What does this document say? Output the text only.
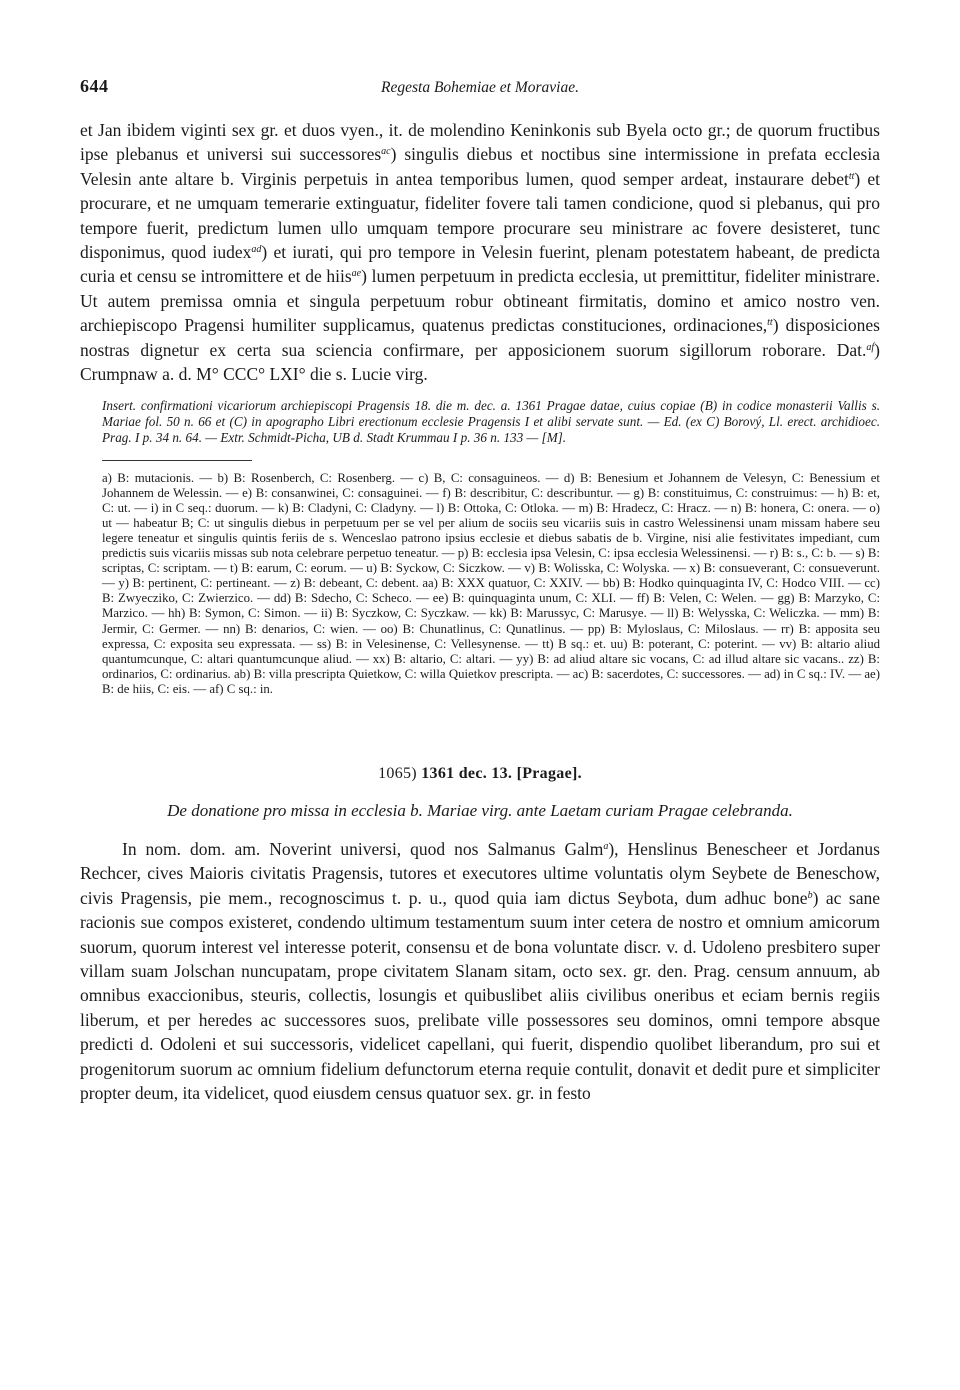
644	Regesta Bohemiae et Moraviae.

et Jan ibidem viginti sex gr. et duos vyen., it. de molendino Keninkonis sub Byela octo gr.; de quorum fructibus ipse plebanus et universi sui successores$^{ac}$) singulis diebus et noctibus sine intermissione in prefata ecclesia Velesin ante altare b. Virginis perpetuis in antea temporibus lumen, quod semper ardeat, instaurare debet$^{tt}$) et procurare, et ne umquam temerarie extinguatur, fideliter fovere tali tamen condicione, quod si plebanus, qui pro tempore fuerit, predictum lumen ullo umquam tempore procurare seu ministrare ac fovere desisteret, tunc disponimus, quod iudex$^{ad}$) et iurati, qui pro tempore in Velesin fuerint, plenam potestatem habeant, de predicta curia et censu se intromittere et de hiis$^{ae}$) lumen perpetuum in predicta ecclesia, ut premittitur, fideliter ministrare. Ut autem premissa omnia et singula perpetuum robur obtineant firmitatis, domino et amico nostro ven. archiepiscopo Pragensi humiliter supplicamus, quatenus predictas constituciones, ordinaciones,$^{tt}$) disposiciones nostras dignetur ex certa sua sciencia confirmare, per apposicionem suorum sigillorum roborare. Dat.$^{af}$) Crumpnaw a. d. M° CCC° LXI° die s. Lucie virg.

Insert. confirmationi vicariorum archiepiscopi Pragensis 18. die m. dec. a. 1361 Pragae datae, cuius copiae (B) in codice monasterii Vallis s. Mariae fol. 50 n. 66 et (C) in apographo Libri erectionum ecclesie Pragensis I et alibi servate sunt. — Ed. (ex C) Borový, Ll. erect. archidioec. Prag. I p. 34 n. 64. — Extr. Schmidt-Picha, UB d. Stadt Krummau I p. 36 n. 133 — [M].

a) B: mutacionis. — b) B: Rosenberch, C: Rosenberg. — c) B, C: consaguineos. — d) B: Benesium et Johannem de Velesyn, C: Benessium et Johannem de Welessin. — e) B: consanwinei, C: consaguinei. — f) B: describitur, C: describuntur. — g) B: constituimus, C: construimus: — h) B: et, C: ut. — i) in C seq.: duorum. — k) B: Cladyni, C: Cladyny. — l) B: Ottoka, C: Otloka. — m) B: Hradecz, C: Hracz. — n) B: honera, C: onera. — o) ut — habeatur B; C: ut singulis diebus in perpetuum per se vel per alium de sociis seu vicariis suis in castro Welessinensi unam missam habere seu legere teneatur et singulis quintis feriis de s. Wenceslao patrono ipsius ecclesie et diebus sabatis de b. Virgine, nisi alie festivitates impediant, cum predictis suis vicariis missas sub nota celebrare perpetuo teneatur. — p) B: ecclesia ipsa Velesin, C: ipsa ecclesia Welessinensi. — r) B: s., C: b. — s) B: scriptas, C: scriptam. — t) B: earum, C: eorum. — u) B: Syckow, C: Siczkow. — v) B: Wolisska, C: Wolyska. — x) B: consueverant, C: consueverunt. — y) B: pertinent, C: pertineant. — z) B: debeant, C: debent. aa) B: XXX quatuor, C: XXIV. — bb) B: Hodko quinquaginta IV, C: Hodco VIII. — cc) B: Zwyecziko, C: Zwierzico. — dd) B: Sdecho, C: Scheco. — ee) B: quinquaginta unum, C: XLI. — ff) B: Velen, C: Welen. — gg) B: Marzyko, C: Marzico. — hh) B: Symon, C: Simon. — ii) B: Syczkow, C: Syczkaw. — kk) B: Marussyc, C: Marusye. — ll) B: Welysska, C: Weliczka. — mm) B: Jermir, C: Germer. — nn) B: denarios, C: wien. — oo) B: Chunatlinus, C: Qunatlinus. — pp) B: Myloslaus, C: Miloslaus. — rr) B: apposita seu expressa, C: exposita seu expressata. — ss) B: in Velesinense, C: Vellesynense. — tt) B sq.: et. uu) B: poterant, C: poterint. — vv) B: altario aliud quantumcunque, C: altari quantumcunque aliud. — xx) B: altario, C: altari. — yy) B: ad aliud altare sic vocans, C: ad illud altare sic vacans.. zz) B: ordinarios, C: ordinarius. ab) B: villa prescripta Quietkow, C: willa Quietkov prescripta. — ac) B: sacerdotes, C: successores. — ad) in C sq.: IV. — ae) B: de hiis, C: eis. — af) C sq.: in.

1065) 1361 dec. 13. [Pragae].

De donatione pro missa in ecclesia b. Mariae virg. ante Laetam curiam Pragae celebranda.

In nom. dom. am. Noverint universi, quod nos Salmanus Galm$^a$), Henslinus Benescheer et Jordanus Rechcer, cives Maioris civitatis Pragensis, tutores et executores ultime voluntatis olym Seybete de Beneschow, civis Pragensis, pie mem., recognoscimus t. p. u., quod quia iam dictus Seybota, dum adhuc bone$^b$) ac sane racionis sue compos existeret, condendo ultimum testamentum suum inter cetera de nostro et omnium amicorum suorum, quorum interest vel interesse poterit, consensu et de bona voluntate discr. v. d. Udoleno presbitero super villam suam Jolschan nuncupatam, prope civitatem Slanam sitam, octo sex. gr. den. Prag. censum annuum, ab omnibus exaccionibus, steuris, collectis, losungis et quibuslibet aliis civilibus oneribus et eciam bernis regiis liberum, et per heredes ac successores suos, prelibate ville possessores seu dominos, omni tempore absque predicti d. Odoleni et sui successoris, videlicet capellani, qui fuerit, dispendio quolibet liberandum, pro sui et progenitorum suorum ac omnium fidelium defunctorum eterna requie contulit, donavit et dedit pure et simpliciter propter deum, ita videlicet, quod eiusdem census quatuor sex. gr. in festo
